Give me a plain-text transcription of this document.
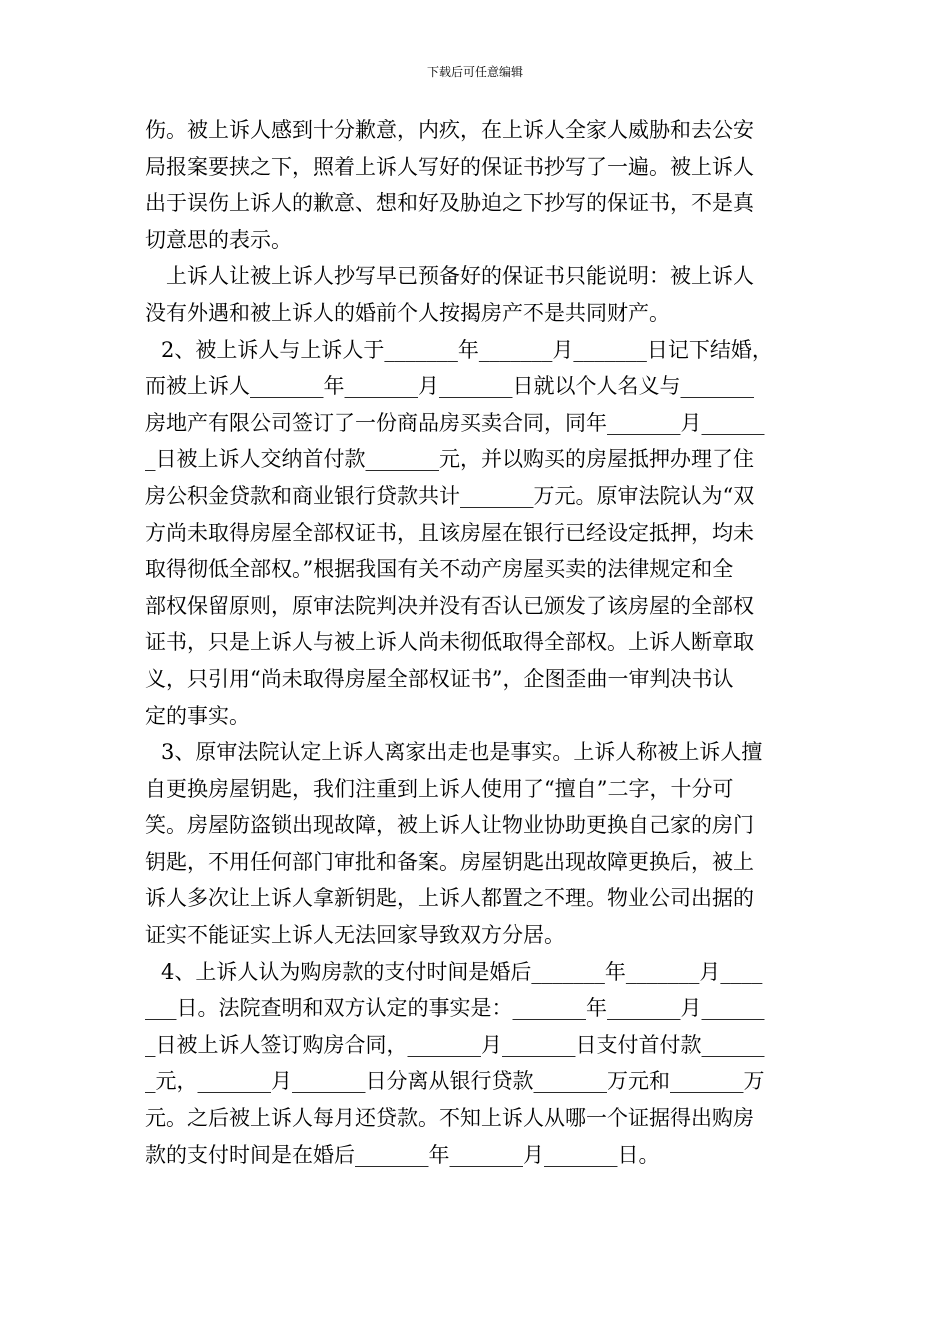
下载后可任意编辑
伤。被上诉人感到十分歉意，内疚，在上诉人全家人威胁和去公安
局报案要挟之下，照着上诉人写好的保证书抄写了一遍。被上诉人
出于误伤上诉人的歉意、想和好及胁迫之下抄写的保证书，不是真
切意思的表示。
上诉人让被上诉人抄写早已预备好的保证书只能说明：被上诉人
没有外遇和被上诉人的婚前个人按揭房产不是共同财产。
2、被上诉人与上诉人于_______年_______月_______日记下结婚，
而被上诉人_______年_______月_______日就以个人名义与_______
房地产有限公司签订了一份商品房买卖合同，同年_______月______
_日被上诉人交纳首付款_______元，并以购买的房屋抵押办理了住
房公积金贷款和商业银行贷款共计_______万元。原审法院认为“双
方尚未取得房屋全部权证书，且该房屋在银行已经设定抵押，均未
取得彻低全部权。”根据我国有关不动产房屋买卖的法律规定和全
部权保留原则，原审法院判决并没有否认已颁发了该房屋的全部权
证书，只是上诉人与被上诉人尚未彻低取得全部权。上诉人断章取
义，只引用“尚未取得房屋全部权证书”，企图歪曲一审判决书认
定的事实。
3、原审法院认定上诉人离家出走也是事实。上诉人称被上诉人擅
自更换房屋钥匙，我们注重到上诉人使用了“擅自”二字，十分可
笑。房屋防盗锁出现故障，被上诉人让物业协助更换自己家的房门
钥匙，不用任何部门审批和备案。房屋钥匙出现故障更换后，被上
诉人多次让上诉人拿新钥匙，上诉人都置之不理。物业公司出据的
证实不能证实上诉人无法回家导致双方分居。
4、上诉人认为购房款的支付时间是婚后_______年_______月____
___日。法院查明和双方认定的事实是：_______年_______月______
_日被上诉人签订购房合同，_______月_______日支付首付款______
_元，_______月_______日分离从银行贷款_______万元和_______万
元。之后被上诉人每月还贷款。不知上诉人从哪一个证据得出购房
款的支付时间是在婚后_______年_______月_______日。
